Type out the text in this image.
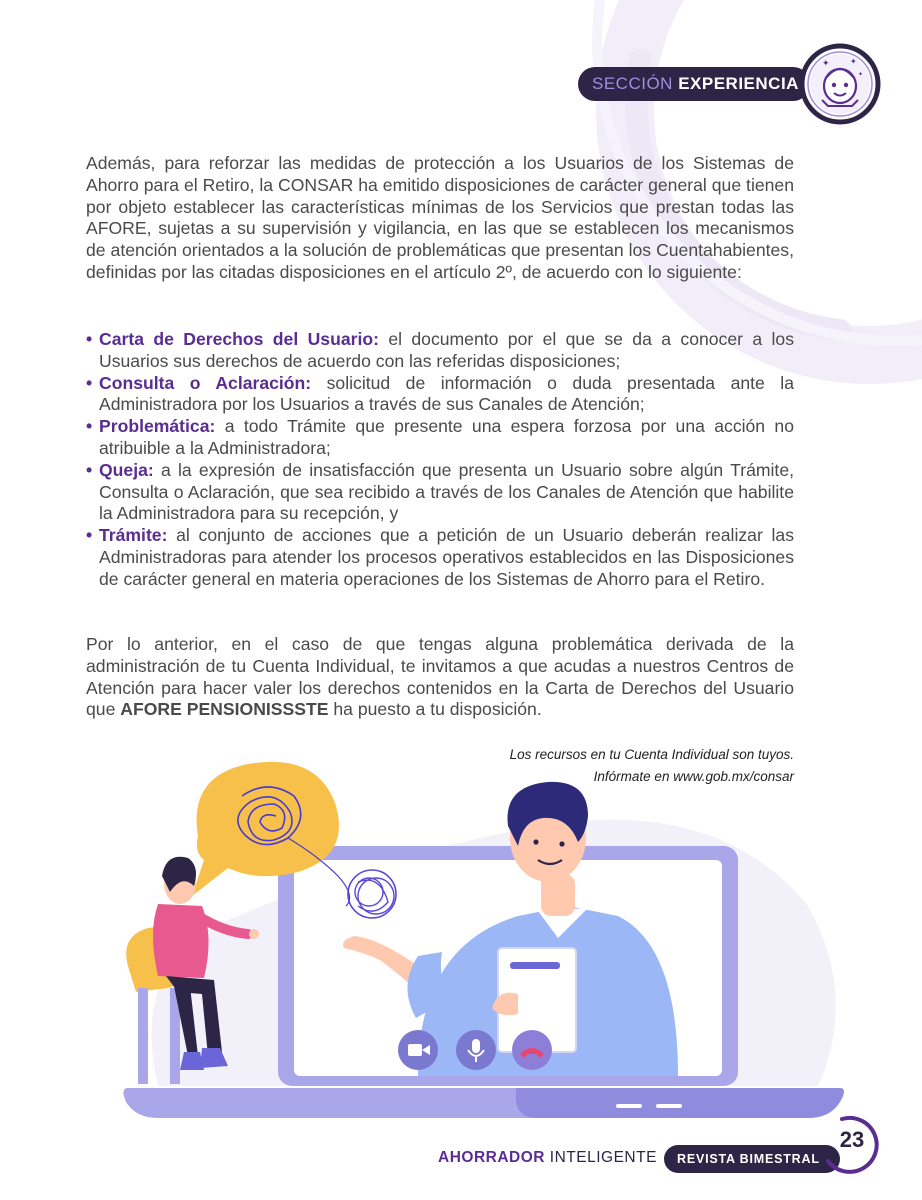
SECCIÓN EXPERIENCIA
✦	✦
✦

Además, para reforzar las medidas de protección a los Usuarios de los Sistemas de Ahorro para el Retiro, la CONSAR ha emitido disposiciones de carácter general que tienen por objeto establecer las características mínimas de los Servicios que prestan todas las AFORE, sujetas a su supervisión y vigilancia, en las que se establecen los mecanismos de atención orientados a la solución de problemáticas que presentan los Cuentahabientes, definidas por las citadas disposiciones en el artículo 2º, de acuerdo con lo siguiente:

• Carta de Derechos del Usuario: el documento por el que se da a conocer a los Usuarios sus derechos de acuerdo con las referidas disposiciones;
• Consulta o Aclaración: solicitud de información o duda presentada ante la Administradora por los Usuarios a través de sus Canales de Atención;
• Problemática: a todo Trámite que presente una espera forzosa por una acción no atribuible a la Administradora;
• Queja: a la expresión de insatisfacción que presenta un Usuario sobre algún Trámite, Consulta o Aclaración, que sea recibido a través de los Canales de Atención que habilite la Administradora para su recepción, y
• Trámite: al conjunto de acciones que a petición de un Usuario deberán realizar las Administradoras para atender los procesos operativos establecidos en las Disposiciones de carácter general en materia operaciones de los Sistemas de Ahorro para el Retiro.

Por lo anterior, en el caso de que tengas alguna problemática derivada de la administración de tu Cuenta Individual, te invitamos a que acudas a nuestros Centros de Atención para hacer valer los derechos contenidos en la Carta de Derechos del Usuario que AFORE PENSIONISSSTE ha puesto a tu disposición.

Los recursos en tu Cuenta Individual son tuyos.
Infórmate en www.gob.mx/consar
AHORRADOR INTELIGENTE	REVISTA BIMESTRAL
23
